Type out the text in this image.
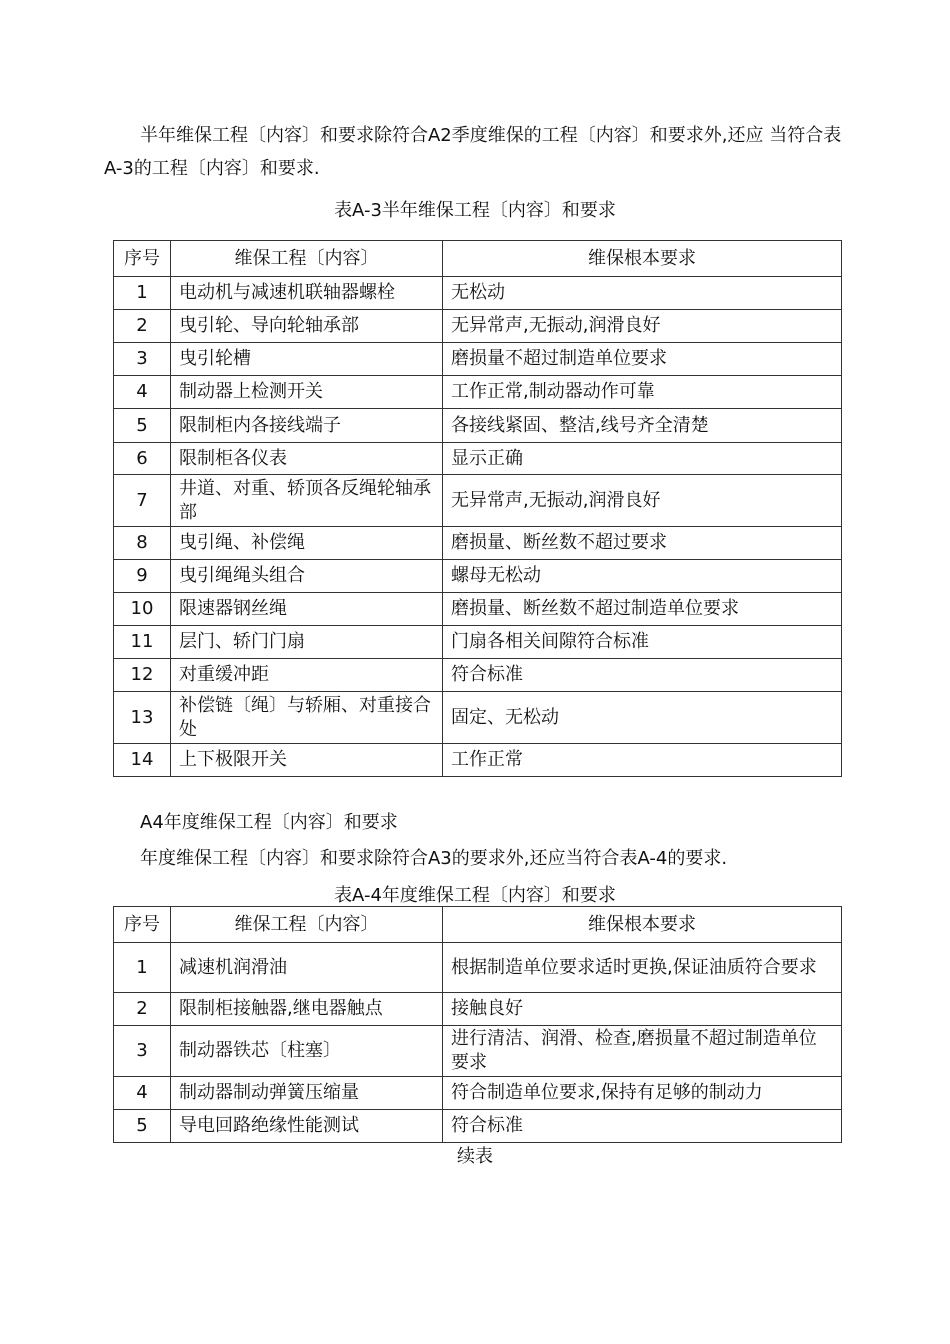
半年维保工程〔内容〕和要求除符合A2季度维保的工程〔内容〕和要求外,还应 当符合表A-3的工程〔内容〕和要求.

表A-3半年维保工程〔内容〕和要求
序号	维保工程〔内容〕	维保根本要求
1	电动机与减速机联轴器螺栓	无松动
2	曳引轮、导向轮轴承部	无异常声,无振动,润滑良好
3	曳引轮槽	磨损量不超过制造单位要求
4	制动器上检测开关	工作正常,制动器动作可靠
5	限制柜内各接线端子	各接线紧固、整洁,线号齐全清楚
6	限制柜各仪表	显示正确
7	井道、对重、轿顶各反绳轮轴承部	无异常声,无振动,润滑良好
8	曳引绳、补偿绳	磨损量、断丝数不超过要求
9	曳引绳绳头组合	螺母无松动
10	限速器钢丝绳	磨损量、断丝数不超过制造单位要求
11	层门、轿门门扇	门扇各相关间隙符合标准
12	对重缓冲距	符合标准
13	补偿链〔绳〕与轿厢、对重接合处	固定、无松动
14	上下极限开关	工作正常

A4年度维保工程〔内容〕和要求

年度维保工程〔内容〕和要求除符合A3的要求外,还应当符合表A-4的要求.

表A-4年度维保工程〔内容〕和要求
序号	维保工程〔内容〕	维保根本要求
1	减速机润滑油	根据制造单位要求适时更换,保证油质符合要求
2	限制柜接触器,继电器触点	接触良好
3	制动器铁芯〔柱塞〕	进行清洁、润滑、检查,磨损量不超过制造单位要求
4	制动器制动弹簧压缩量	符合制造单位要求,保持有足够的制动力
5	导电回路绝缘性能测试	符合标准
续表
